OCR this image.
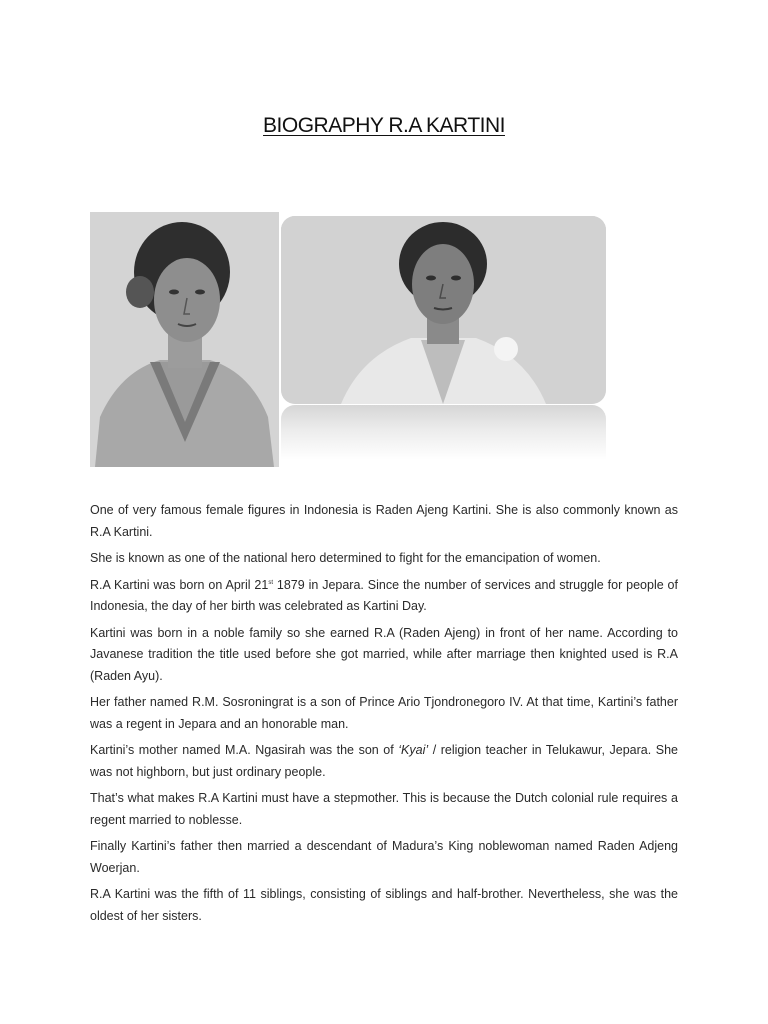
BIOGRAPHY R.A KARTINI

One of very famous female figures in Indonesia is Raden Ajeng Kartini. She is also commonly known as R.A Kartini.

She is known as one of the national hero determined to fight for the emancipation of women.

R.A Kartini was born on April 21st 1879 in Jepara. Since the number of services and struggle for people of Indonesia, the day of her birth was celebrated as Kartini Day.

Kartini was born in a noble family so she earned R.A (Raden Ajeng) in front of her name. According to Javanese tradition the title used before she got married, while after marriage then knighted used is R.A (Raden Ayu).

Her father named R.M. Sosroningrat is a son of Prince Ario Tjondronegoro IV. At that time, Kartini’s father was a regent in Jepara and an honorable man.

Kartini’s mother named M.A. Ngasirah was the son of ‘Kyai’ / religion teacher in Telukawur, Jepara. She was not highborn, but just ordinary people.

That’s what makes R.A Kartini must have a stepmother. This is because the Dutch colonial rule requires a regent married to noblesse.

Finally Kartini’s father then married a descendant of Madura’s King noblewoman named Raden Adjeng Woerjan.

R.A Kartini was the fifth of 11 siblings, consisting of siblings and half-brother. Nevertheless, she was the oldest of her sisters.
